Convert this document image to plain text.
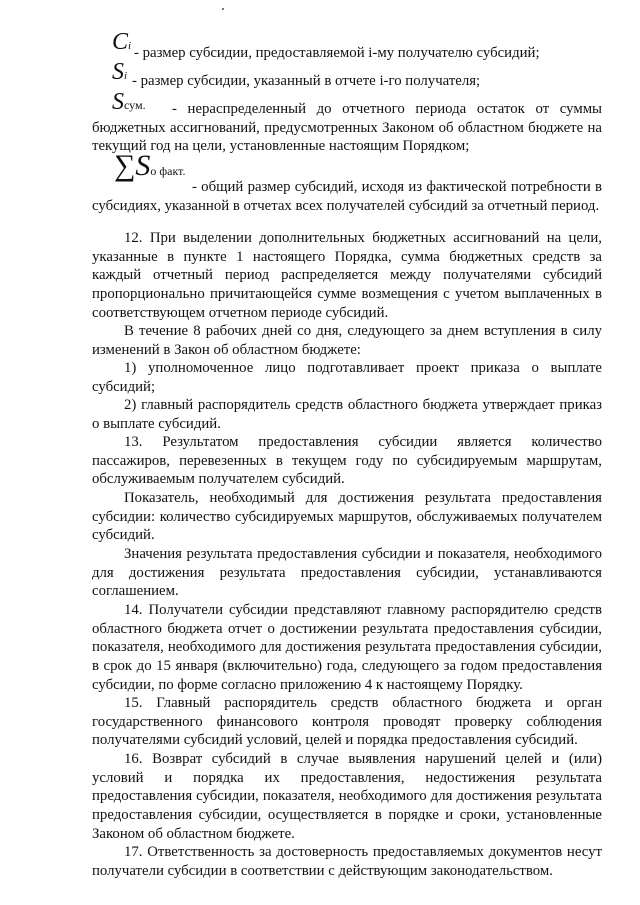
Ci - размер субсидии, предоставляемой i-му получателю субсидий;
Si - размер субсидии, указанный в отчете i-го получателя;
Sсум.	- нераспределенный до отчетного периода остаток от суммы бюджетных ассигнований, предусмотренных Законом об областном бюджете на текущий год на цели, установленные настоящим Порядком;
∑Sо факт.
- общий размер субсидий, исходя из фактической потребности в субсидиях, указанной в отчетах всех получателей субсидий за отчетный период.
12. При выделении дополнительных бюджетных ассигнований на цели, указанные в пункте 1 настоящего Порядка, сумма бюджетных средств за каждый отчетный период распределяется между получателями субсидий пропорционально причитающейся сумме возмещения с учетом выплаченных в соответствующем отчетном периоде субсидий.
В течение 8 рабочих дней со дня, следующего за днем вступления в силу изменений в Закон об областном бюджете:
1) уполномоченное лицо подготавливает проект приказа о выплате субсидий;
2) главный распорядитель средств областного бюджета утверждает приказ о выплате субсидий.
13. Результатом предоставления субсидии является количество пассажиров, перевезенных в текущем году по субсидируемым маршрутам, обслуживаемым получателем субсидий.
Показатель, необходимый для достижения результата предоставления субсидии: количество субсидируемых маршрутов, обслуживаемых получателем субсидий.
Значения результата предоставления субсидии и показателя, необходимого для достижения результата предоставления субсидии, устанавливаются соглашением.
14. Получатели субсидии представляют главному распорядителю средств областного бюджета отчет о достижении результата предоставления субсидии, показателя, необходимого для достижения результата предоставления субсидии, в срок до 15 января (включительно) года, следующего за годом предоставления субсидии, по форме согласно приложению 4 к настоящему Порядку.
15. Главный распорядитель средств областного бюджета и орган государственного финансового контроля проводят проверку соблюдения получателями субсидий условий, целей и порядка предоставления субсидий.
16. Возврат субсидий в случае выявления нарушений целей и (или) условий и порядка их предоставления, недостижения результата предоставления субсидии, показателя, необходимого для достижения результата предоставления субсидии, осуществляется в порядке и сроки, установленные Законом об областном бюджете.
17. Ответственность за достоверность предоставляемых документов несут получатели субсидии в соответствии с действующим законодательством.
